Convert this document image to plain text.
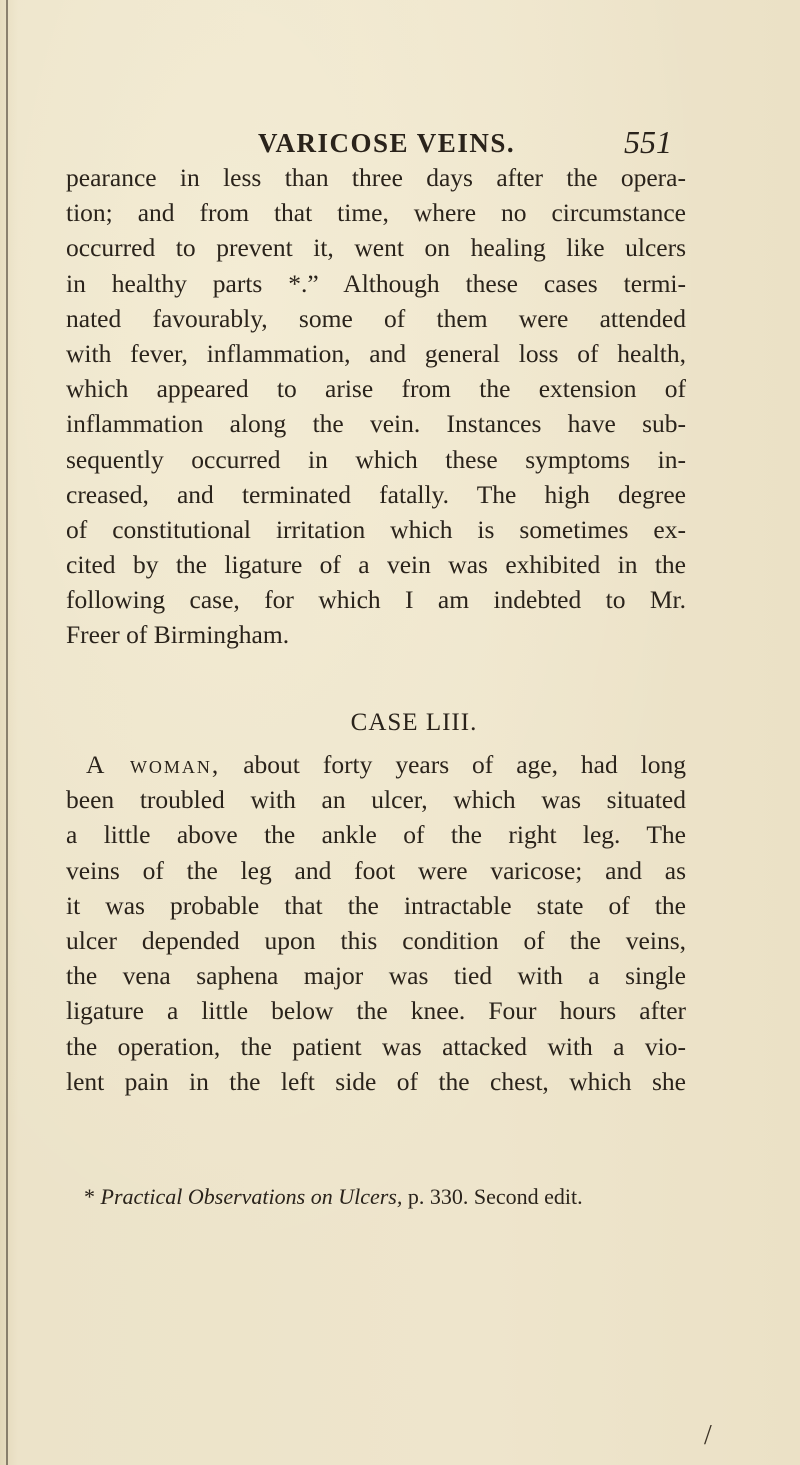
VARICOSE VEINS.	551
pearance in less than three days after the opera-
tion; and from that time, where no circumstance
occurred to prevent it, went on healing like ulcers
in healthy parts *.” Although these cases termi-
nated favourably, some of them were attended
with fever, inflammation, and general loss of health,
which appeared to arise from the extension of
inflammation along the vein. Instances have sub-
sequently occurred in which these symptoms in-
creased, and terminated fatally. The high degree
of constitutional irritation which is sometimes ex-
cited by the ligature of a vein was exhibited in the
following case, for which I am indebted to Mr.
Freer of Birmingham.
CASE LIII.
A woman, about forty years of age, had long
been troubled with an ulcer, which was situated
a little above the ankle of the right leg. The
veins of the leg and foot were varicose; and as
it was probable that the intractable state of the
ulcer depended upon this condition of the veins,
the vena saphena major was tied with a single
ligature a little below the knee. Four hours after
the operation, the patient was attacked with a vio-
lent pain in the left side of the chest, which she
* Practical Observations on Ulcers, p. 330. Second edit.
/
